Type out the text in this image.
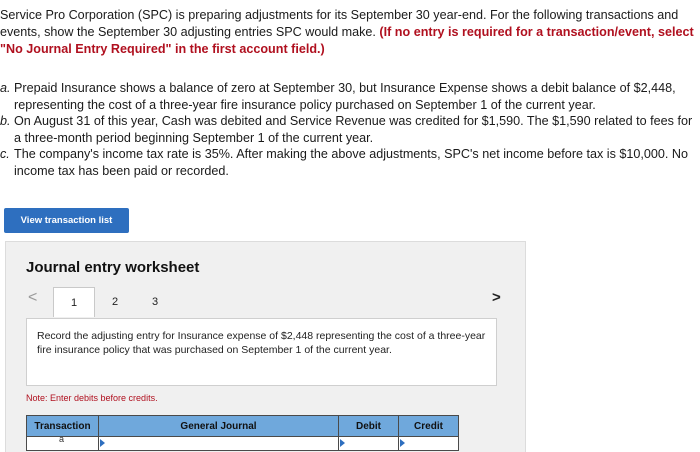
Service Pro Corporation (SPC) is preparing adjustments for its September 30 year-end. For the following transactions and events, show the September 30 adjusting entries SPC would make. (If no entry is required for a transaction/event, select "No Journal Entry Required" in the first account field.)
a. Prepaid Insurance shows a balance of zero at September 30, but Insurance Expense shows a debit balance of $2,448, representing the cost of a three-year fire insurance policy purchased on September 1 of the current year.
b. On August 31 of this year, Cash was debited and Service Revenue was credited for $1,590. The $1,590 related to fees for a three-month period beginning September 1 of the current year.
c. The company's income tax rate is 35%. After making the above adjustments, SPC's net income before tax is $10,000. No income tax has been paid or recorded.
View transaction list
Journal entry worksheet
<	1	2	3	>
Record the adjusting entry for Insurance expense of $2,448 representing the cost of a three-year fire insurance policy that was purchased on September 1 of the current year.
Note: Enter debits before credits.
Transaction	General Journal	Debit	Credit

a			
